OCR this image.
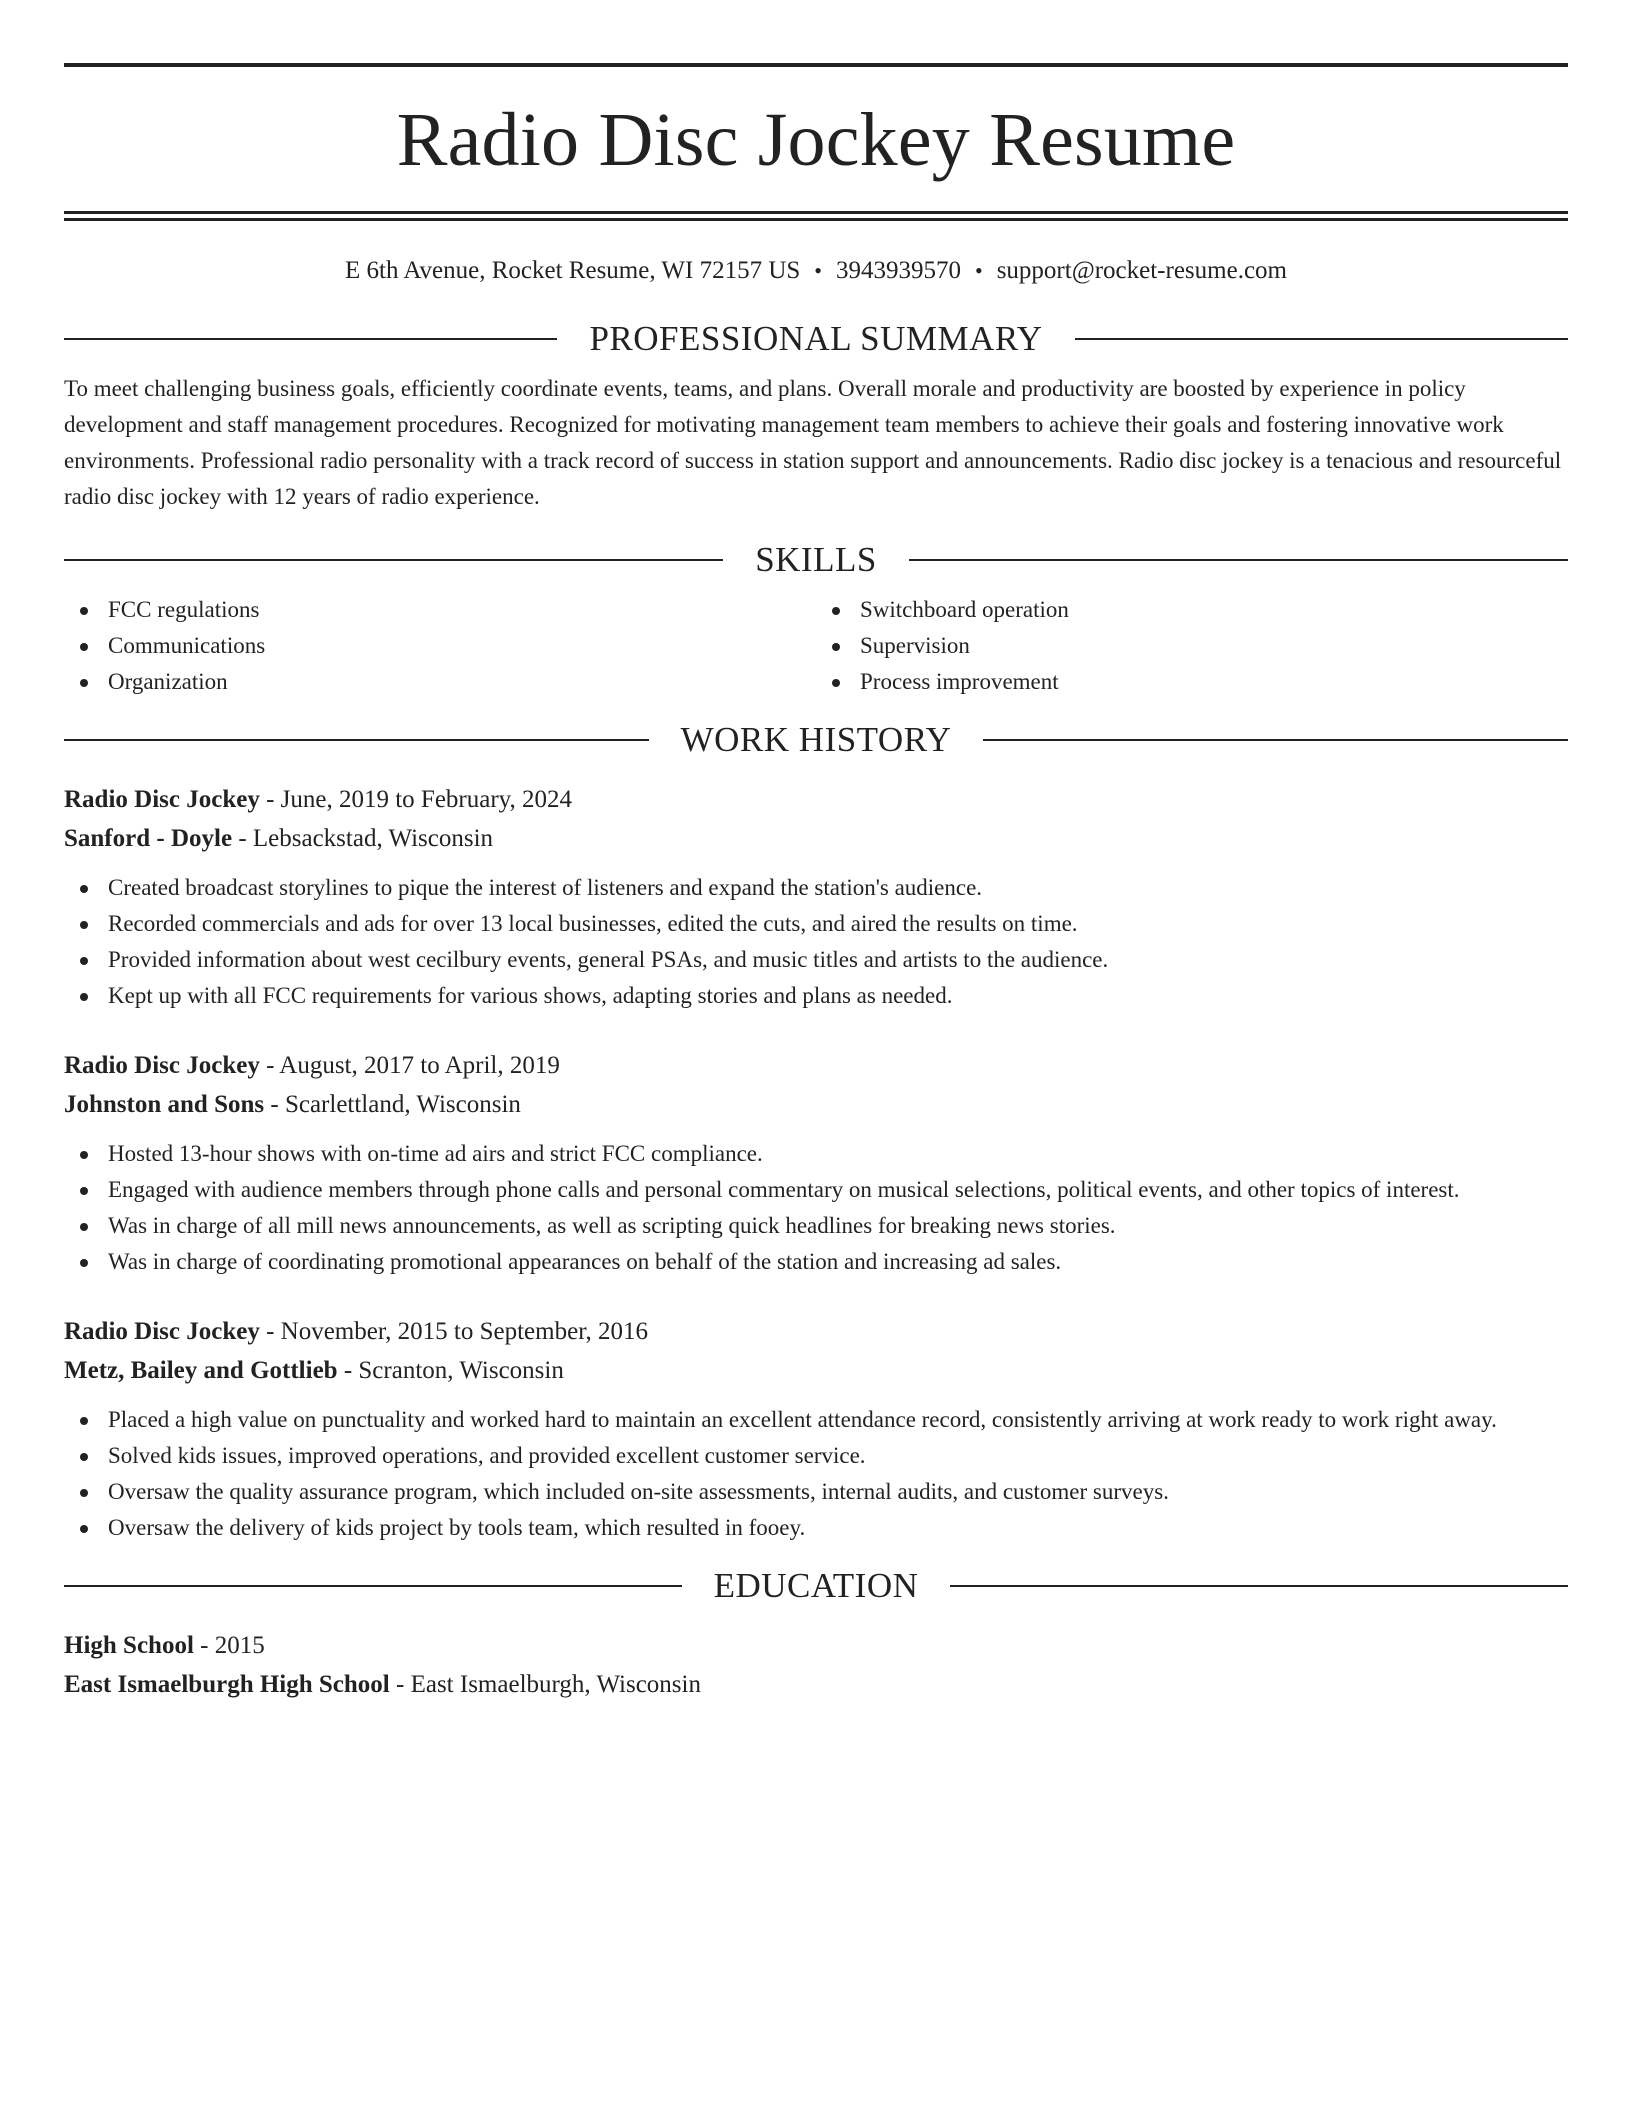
Radio Disc Jockey Resume
E 6th Avenue, Rocket Resume, WI 72157 US • 3943939570 • support@rocket-resume.com
PROFESSIONAL SUMMARY

To meet challenging business goals, efficiently coordinate events, teams, and plans. Overall morale and productivity are boosted by experience in policy development and staff management procedures. Recognized for motivating management team members to achieve their goals and fostering innovative work environments. Professional radio personality with a track record of success in station support and announcements. Radio disc jockey is a tenacious and resourceful radio disc jockey with 12 years of radio experience.

SKILLS
FCC regulations
Communications
Organization
Switchboard operation
Supervision
Process improvement
WORK HISTORY
Radio Disc Jockey - June, 2019 to February, 2024
Sanford - Doyle - Lebsackstad, Wisconsin
Created broadcast storylines to pique the interest of listeners and expand the station's audience.
Recorded commercials and ads for over 13 local businesses, edited the cuts, and aired the results on time.
Provided information about west cecilbury events, general PSAs, and music titles and artists to the audience.
Kept up with all FCC requirements for various shows, adapting stories and plans as needed.
Radio Disc Jockey - August, 2017 to April, 2019
Johnston and Sons - Scarlettland, Wisconsin
Hosted 13-hour shows with on-time ad airs and strict FCC compliance.
Engaged with audience members through phone calls and personal commentary on musical selections, political events, and other topics of interest.
Was in charge of all mill news announcements, as well as scripting quick headlines for breaking news stories.
Was in charge of coordinating promotional appearances on behalf of the station and increasing ad sales.
Radio Disc Jockey - November, 2015 to September, 2016
Metz, Bailey and Gottlieb - Scranton, Wisconsin
Placed a high value on punctuality and worked hard to maintain an excellent attendance record, consistently arriving at work ready to work right away.
Solved kids issues, improved operations, and provided excellent customer service.
Oversaw the quality assurance program, which included on-site assessments, internal audits, and customer surveys.
Oversaw the delivery of kids project by tools team, which resulted in fooey.
EDUCATION
High School - 2015
East Ismaelburgh High School - East Ismaelburgh, Wisconsin
